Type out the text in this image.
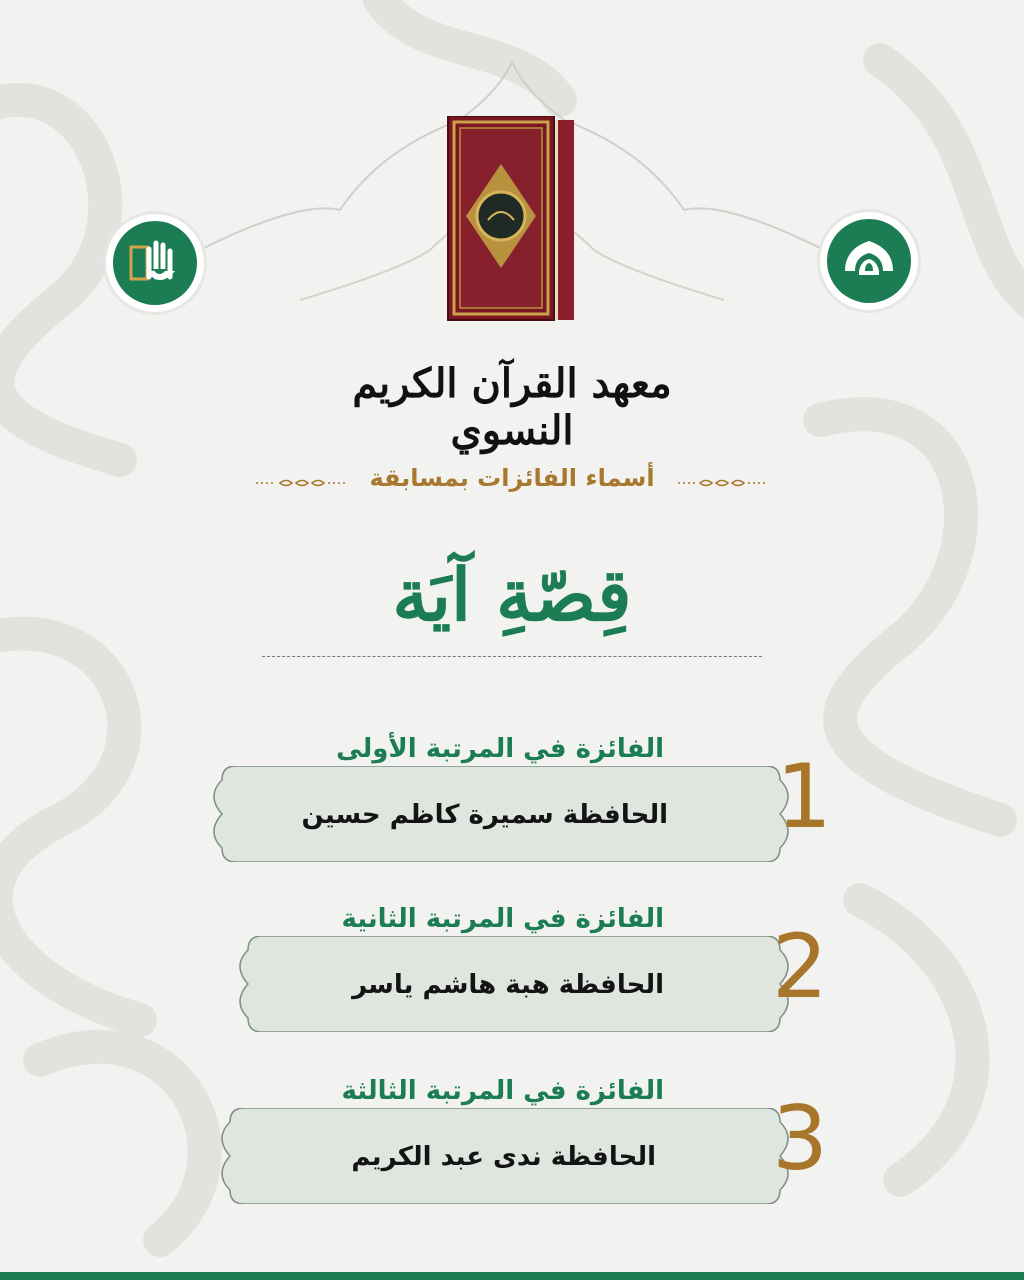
معهد القرآن الكريم النسوي
أسماء الفائزات بمسابقة
قِصّةِ آيَة
الفائزة في المرتبة الأولى
الحافظة سميرة كاظم حسين 1
الفائزة في المرتبة الثانية
الحافظة هبة هاشم ياسر 2
الفائزة في المرتبة الثالثة
الحافظة ندى عبد الكريم 3
